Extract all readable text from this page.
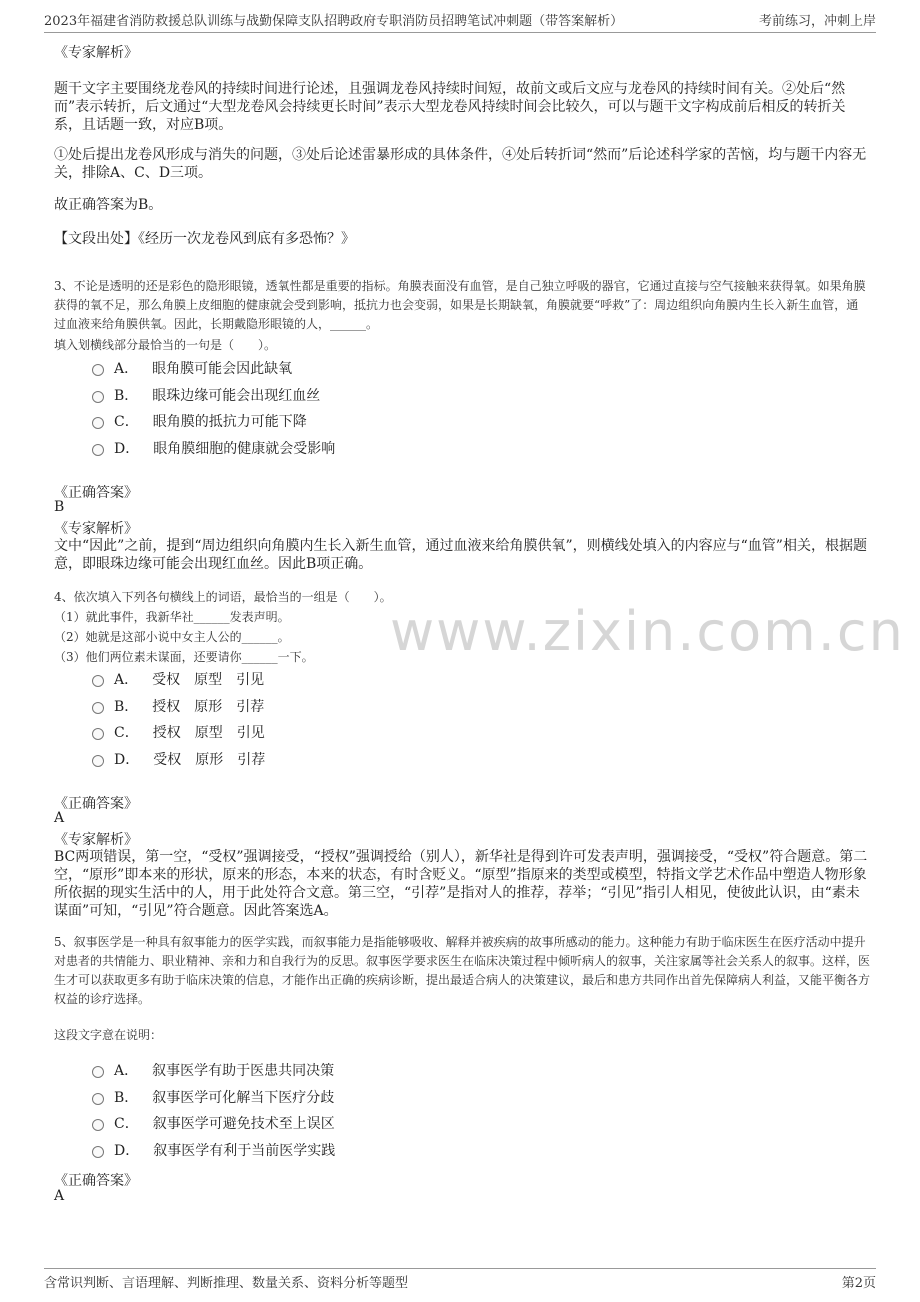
2023年福建省消防救援总队训练与战勤保障支队招聘政府专职消防员招聘笔试冲刺题（带答案解析）	考前练习，冲刺上岸
www.zixin.com.cn

《专家解析》

题干文字主要围绕龙卷风的持续时间进行论述，且强调龙卷风持续时间短，故前文或后文应与龙卷风的持续时间有关。②处后“然而”表示转折，后文通过“大型龙卷风会持续更长时间”表示大型龙卷风持续时间会比较久，可以与题干文字构成前后相反的转折关系，且话题一致，对应B项。

①处后提出龙卷风形成与消失的问题，③处后论述雷暴形成的具体条件，④处后转折词“然而”后论述科学家的苦恼，均与题干内容无关，排除A、C、D三项。

故正确答案为B。

【文段出处】《经历一次龙卷风到底有多恐怖？》

3、不论是透明的还是彩色的隐形眼镜，透氧性都是重要的指标。角膜表面没有血管，是自己独立呼吸的器官，它通过直接与空气接触来获得氧。如果角膜获得的氧不足，那么角膜上皮细胞的健康就会受到影响，抵抗力也会变弱，如果是长期缺氧，角膜就要“呼救”了：周边组织向角膜内生长入新生血管，通过血液来给角膜供氧。因此，长期戴隐形眼镜的人，______。

填入划横线部分最恰当的一句是（　　）。

A． 眼角膜可能会因此缺氧
B． 眼珠边缘可能会出现红血丝
C． 眼角膜的抵抗力可能下降
D． 眼角膜细胞的健康就会受影响
《正确答案》
B
《专家解析》

文中“因此”之前，提到“周边组织向角膜内生长入新生血管，通过血液来给角膜供氧”，则横线处填入的内容应与“血管”相关，根据题意，即眼珠边缘可能会出现红血丝。因此B项正确。

4、依次填入下列各句横线上的词语，最恰当的一组是（　　）。

（1）就此事件，我新华社______发表声明。

（2）她就是这部小说中女主人公的______。

（3）他们两位素未谋面，还要请你______一下。

A． 受权　原型　引见
B． 授权　原形　引荐
C． 授权　原型　引见
D． 受权　原形　引荐
《正确答案》
A
《专家解析》

BC两项错误，第一空，“受权”强调接受，“授权”强调授给（别人），新华社是得到许可发表声明，强调接受，“受权”符合题意。第二空，“原形”即本来的形状，原来的形态，本来的状态，有时含贬义。“原型”指原来的类型或模型，特指文学艺术作品中塑造人物形象所依据的现实生活中的人，用于此处符合文意。第三空，“引荐”是指对人的推荐，荐举；“引见”指引人相见，使彼此认识，由“素未谋面”可知，“引见”符合题意。因此答案选A。

5、叙事医学是一种具有叙事能力的医学实践，而叙事能力是指能够吸收、解释并被疾病的故事所感动的能力。这种能力有助于临床医生在医疗活动中提升对患者的共情能力、职业精神、亲和力和自我行为的反思。叙事医学要求医生在临床决策过程中倾听病人的叙事，关注家属等社会关系人的叙事。这样，医生才可以获取更多有助于临床决策的信息，才能作出正确的疾病诊断，提出最适合病人的决策建议，最后和患方共同作出首先保障病人利益，又能平衡各方权益的诊疗选择。

这段文字意在说明：

A． 叙事医学有助于医患共同决策
B． 叙事医学可化解当下医疗分歧
C． 叙事医学可避免技术至上误区
D． 叙事医学有利于当前医学实践
《正确答案》
A
含常识判断、言语理解、判断推理、数量关系、资料分析等题型	第2页
